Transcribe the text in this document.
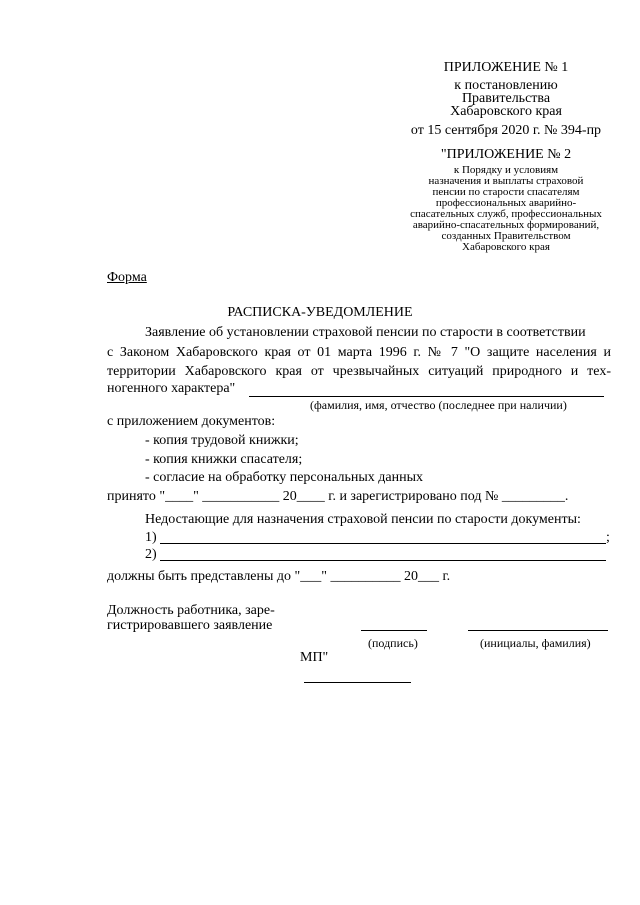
ПРИЛОЖЕНИЕ № 1
к постановлению
Правительства
Хабаровского края
от 15 сентября 2020 г. № 394-пр
"ПРИЛОЖЕНИЕ № 2
к Порядку и условиям
назначения и выплаты страховой
пенсии по старости спасателям
профессиональных аварийно-
спасательных служб, профессиональных
аварийно-спасательных формирований,
созданных Правительством
Хабаровского края
Форма
РАСПИСКА-УВЕДОМЛЕНИЕ
Заявление об установлении страховой пенсии по старости в соответствии
с Законом Хабаровского края от 01 марта 1996 г. № 7 "О защите населения и
территории Хабаровского края от чрезвычайных ситуаций природного и тех-
ногенного характера"
(фамилия, имя, отчество (последнее при наличии)
с приложением документов:
- копия трудовой книжки;
- копия книжки спасателя;
- согласие на обработку персональных данных
принято "____" ___________ 20____ г. и зарегистрировано под № _________.
Недостающие для назначения страховой пенсии по старости документы:
1)	;
2)
должны быть представлены до "___" __________ 20___ г.
Должность работника, заре-
гистрировавшего заявление
(подпись)	(инициалы, фамилия)
МП"
